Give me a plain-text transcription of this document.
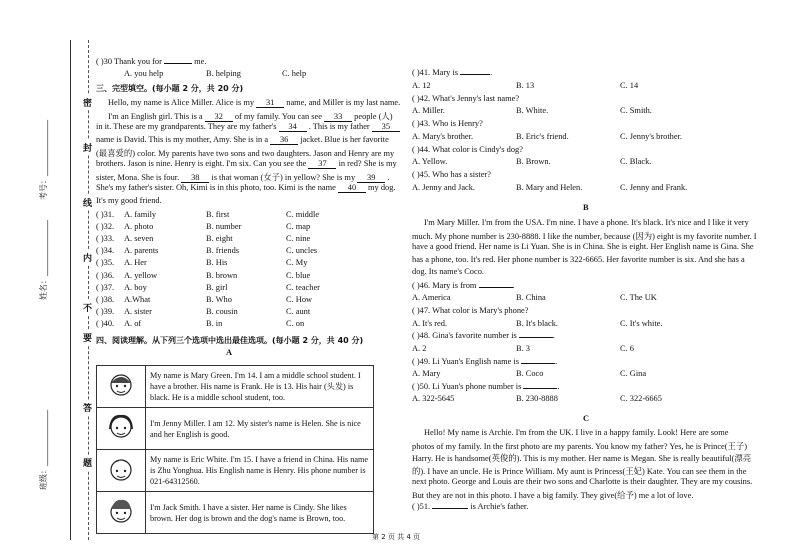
班级：______________
姓名：______________
考号：______________
密
封
线
内
不
要
答
题
( )30 Thank you for	me.
A. you help	B. helping	C. help
三、完型填空。(每小题 2 分，共 20 分)
Hello, my name is Alice Miller. Alice is my 31 name, and Miller is my last name.
I'm an English girl. This is a 32 of my family. You can see 33 people (人)
in it. These are my grandparents. They are my father's 34 . This is my father 35
name is David. This is my mother, Amy. She is in a 36 jacket. Blue is her favorite
(最喜爱的) color. My parents have two sons and two daughters. Jason and Henry are my
brothers. Jason is nine. Henry is eight. I'm six. Can you see the 37 in red? She is my
sister, Mona. She is four. 38 is that woman (女子) in yellow? She is my 39 .
She's my father's sister. Oh, Kimi is in this photo, too. Kimi is the name 40 my dog.
It's my good friend.
( )31. A. family	B. first	C. middle
( )32. A. photo	B. number	C. map
( )33. A. seven	B. eight	C. nine
( )34. A. parents	B. friends	C. uncles
( )35. A. Her	B. His	C. My
( )36. A. yellow	B. brown	C. blue
( )37. A. boy	B. girl	C. teacher
( )38. A.What	B. Who	C. How
( )39. A. sister	B. cousin	C. aunt
( )40. A. of	B. in	C. on
四、阅读理解。从下列三个选项中选出最佳选项。(每小题 2 分，共 40 分)
A
	My name is Mary Green. I'm 14. I am a middle school student. I have a brother. His name is Frank. He is 13. His hair (头发) is black. He is a middle school student, too.
	I'm Jenny Miller. I am 12. My sister's name is Helen. She is nice and her English is good.
	My name is Eric White. I'm 15. I have a friend in China. His name is Zhu Yonghua. His English name is Henry. His phone number is 021-64312560.
	I'm Jack Smith. I have a sister. Her name is Cindy. She likes brown. Her dog is brown and the dog's name is Brown, too.
( )41. Mary is	.
A. 12	B. 13	C. 14
( )42. What's Jenny's last name?
A. Miller.	B. White.	C. Smith.
( )43. Who is Henry?
A. Mary's brother.	B. Eric's friend.	C. Jenny's brother.
( )44. What color is Cindy's dog?
A. Yellow.	B. Brown.	C. Black.
( )45. Who has a sister?
A. Jenny and Jack.	B. Mary and Helen.	C. Jenny and Frank.
B
I'm Mary Miller. I'm from the USA. I'm nine. I have a phone. It's black. It's nice and I like it very
much. My phone number is 230-8888. I like the number, because (因为) eight is my favorite number. I
have a good friend. Her name is Li Yuan. She is in China. She is eight. Her English name is Gina. She
has a phone, too. It's red. Her phone number is 322-6665. Her favorite number is six. And she has a
dog. Its name's Coco.
( )46. Mary is from	.
A. America	B. China	C. The UK
( )47. What color is Mary's phone?
A. It's red.	B. It's black.	C. It's white.
( )48. Gina's favorite number is	.
A. 2	B. 3	C. 6
( )49. Li Yuan's English name is	.
A. Mary	B. Coco	C. Gina
( )50. Li Yuan's phone number is	.
A. 322-5645	B. 230-8888	C. 322-6665
C
Hello! My name is Archie. I'm from the UK. I live in a happy family. Look! Here are some
photos of my family. In the first photo are my parents. You know my father? Yes, he is Prince(王子)
Harry. He is handsome(英俊的). This is my mother. Her name is Megan. She is really beautiful(漂亮
的). I have an uncle. He is Prince William. My aunt is Princess(王妃) Kate. You can see them in the
next photo. George and Louis are their two sons and Charlotte is their daughter. They are my cousins.
But they are not in this photo. I have a big family. They give(给予) me a lot of love.
( )51.	is Archie's father.
第 2 页 共 4 页
